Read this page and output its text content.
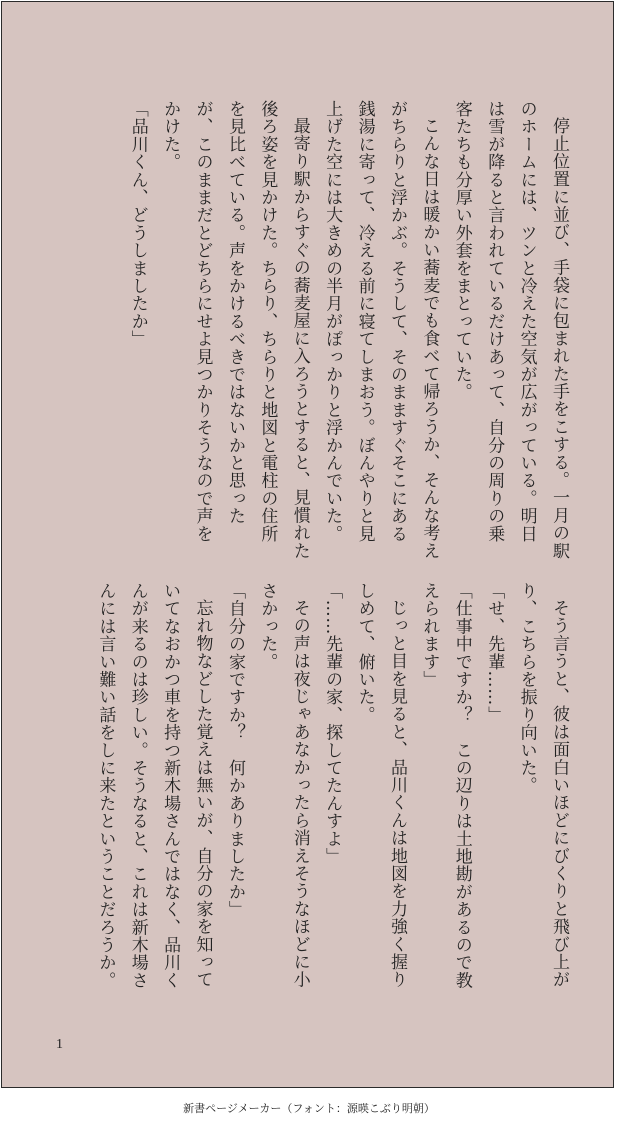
停止位置に並び、手袋に包まれた手をこする。一月の駅のホームには、ツンと冷えた空気が広がっている。明日は雪が降ると言われているだけあって、自分の周りの乗客たちも分厚い外套をまとっていた。

こんな日は暖かい蕎麦でも食べて帰ろうか、そんな考えがちらりと浮かぶ。そうして、そのまますぐそこにある銭湯に寄って、冷える前に寝てしまおう。ぼんやりと見上げた空には大きめの半月がぽっかりと浮かんでいた。

最寄り駅からすぐの蕎麦屋に入ろうとすると、見慣れた後ろ姿を見かけた。ちらり、ちらりと地図と電柱の住所を見比べている。声をかけるべきではないかと思ったが、このままだとどちらにせよ見つかりそうなので声をかけた。

「品川くん、どうしましたか」

そう言うと、彼は面白いほどにびくりと飛び上がり、こちらを振り向いた。

「せ、先輩……」

「仕事中ですか？　この辺りは土地勘があるので教えられます」

じっと目を見ると、品川くんは地図を力強く握りしめて、俯いた。

「……先輩の家、探してたんすよ」

その声は夜じゃあなかったら消えそうなほどに小さかった。

「自分の家ですか？　何かありましたか」

忘れ物などした覚えは無いが、自分の家を知っていてなおかつ車を持つ新木場さんではなく、品川くんが来るのは珍しい。そうなると、これは新木場さんには言い難い話をしに来たということだろうか。

1
新書ページメーカー（フォント：源暎こぶり明朝）
